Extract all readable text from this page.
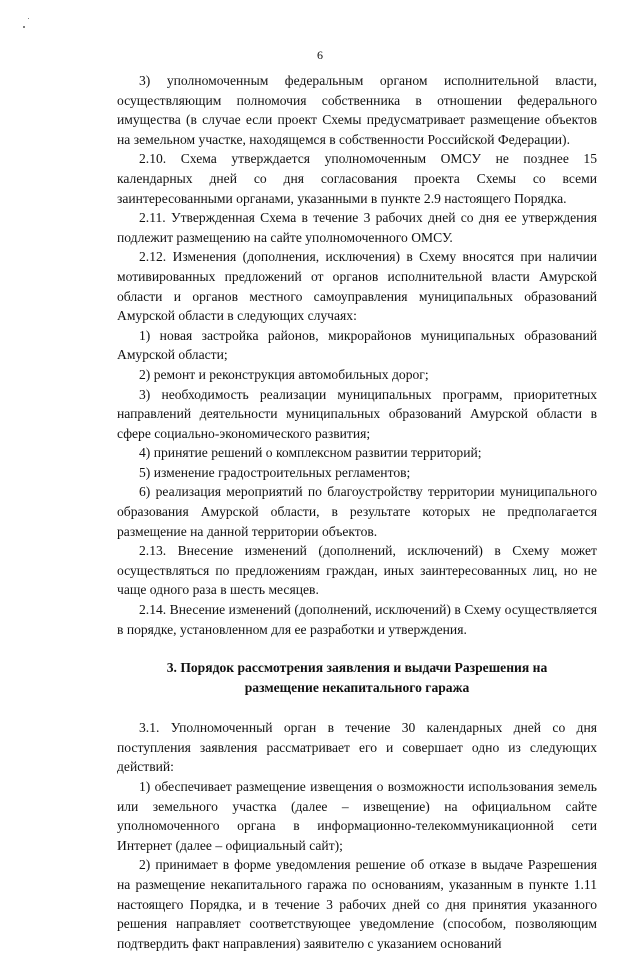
6

3) уполномоченным федеральным органом исполнительной власти, осуществляющим полномочия собственника в отношении федерального имущества (в случае если проект Схемы предусматривает размещение объектов на земельном участке, находящемся в собственности Российской Федерации).

2.10. Схема утверждается уполномоченным ОМСУ не позднее 15 календарных дней со дня согласования проекта Схемы со всеми заинтересованными органами, указанными в пункте 2.9 настоящего Порядка.

2.11. Утвержденная Схема в течение 3 рабочих дней со дня ее утверждения подлежит размещению на сайте уполномоченного ОМСУ.

2.12. Изменения (дополнения, исключения) в Схему вносятся при наличии мотивированных предложений от органов исполнительной власти Амурской области и органов местного самоуправления муниципальных образований Амурской области в следующих случаях:

1) новая застройка районов, микрорайонов муниципальных образований Амурской области;

2) ремонт и реконструкция автомобильных дорог;

3) необходимость реализации муниципальных программ, приоритетных направлений деятельности муниципальных образований Амурской области в сфере социально-экономического развития;

4) принятие решений о комплексном развитии территорий;

5) изменение градостроительных регламентов;

6) реализация мероприятий по благоустройству территории муниципального образования Амурской области, в результате которых не предполагается размещение на данной территории объектов.

2.13. Внесение изменений (дополнений, исключений) в Схему может осуществляться по предложениям граждан, иных заинтересованных лиц, но не чаще одного раза в шесть месяцев.

2.14. Внесение изменений (дополнений, исключений) в Схему осуществляется в порядке, установленном для ее разработки и утверждения.

3. Порядок рассмотрения заявления и выдачи Разрешения на

размещение некапитального гаража

3.1. Уполномоченный орган в течение 30 календарных дней со дня поступления заявления рассматривает его и совершает одно из следующих действий:

1) обеспечивает размещение извещения о возможности использования земель или земельного участка (далее – извещение) на официальном сайте уполномоченного органа в информационно-телекоммуникационной сети Интернет (далее – официальный сайт);

2) принимает в форме уведомления решение об отказе в выдаче Разрешения на размещение некапитального гаража по основаниям, указанным в пункте 1.11 настоящего Порядка, и в течение 3 рабочих дней со дня принятия указанного решения направляет соответствующее уведомление (способом, позволяющим подтвердить факт направления) заявителю с указанием оснований
